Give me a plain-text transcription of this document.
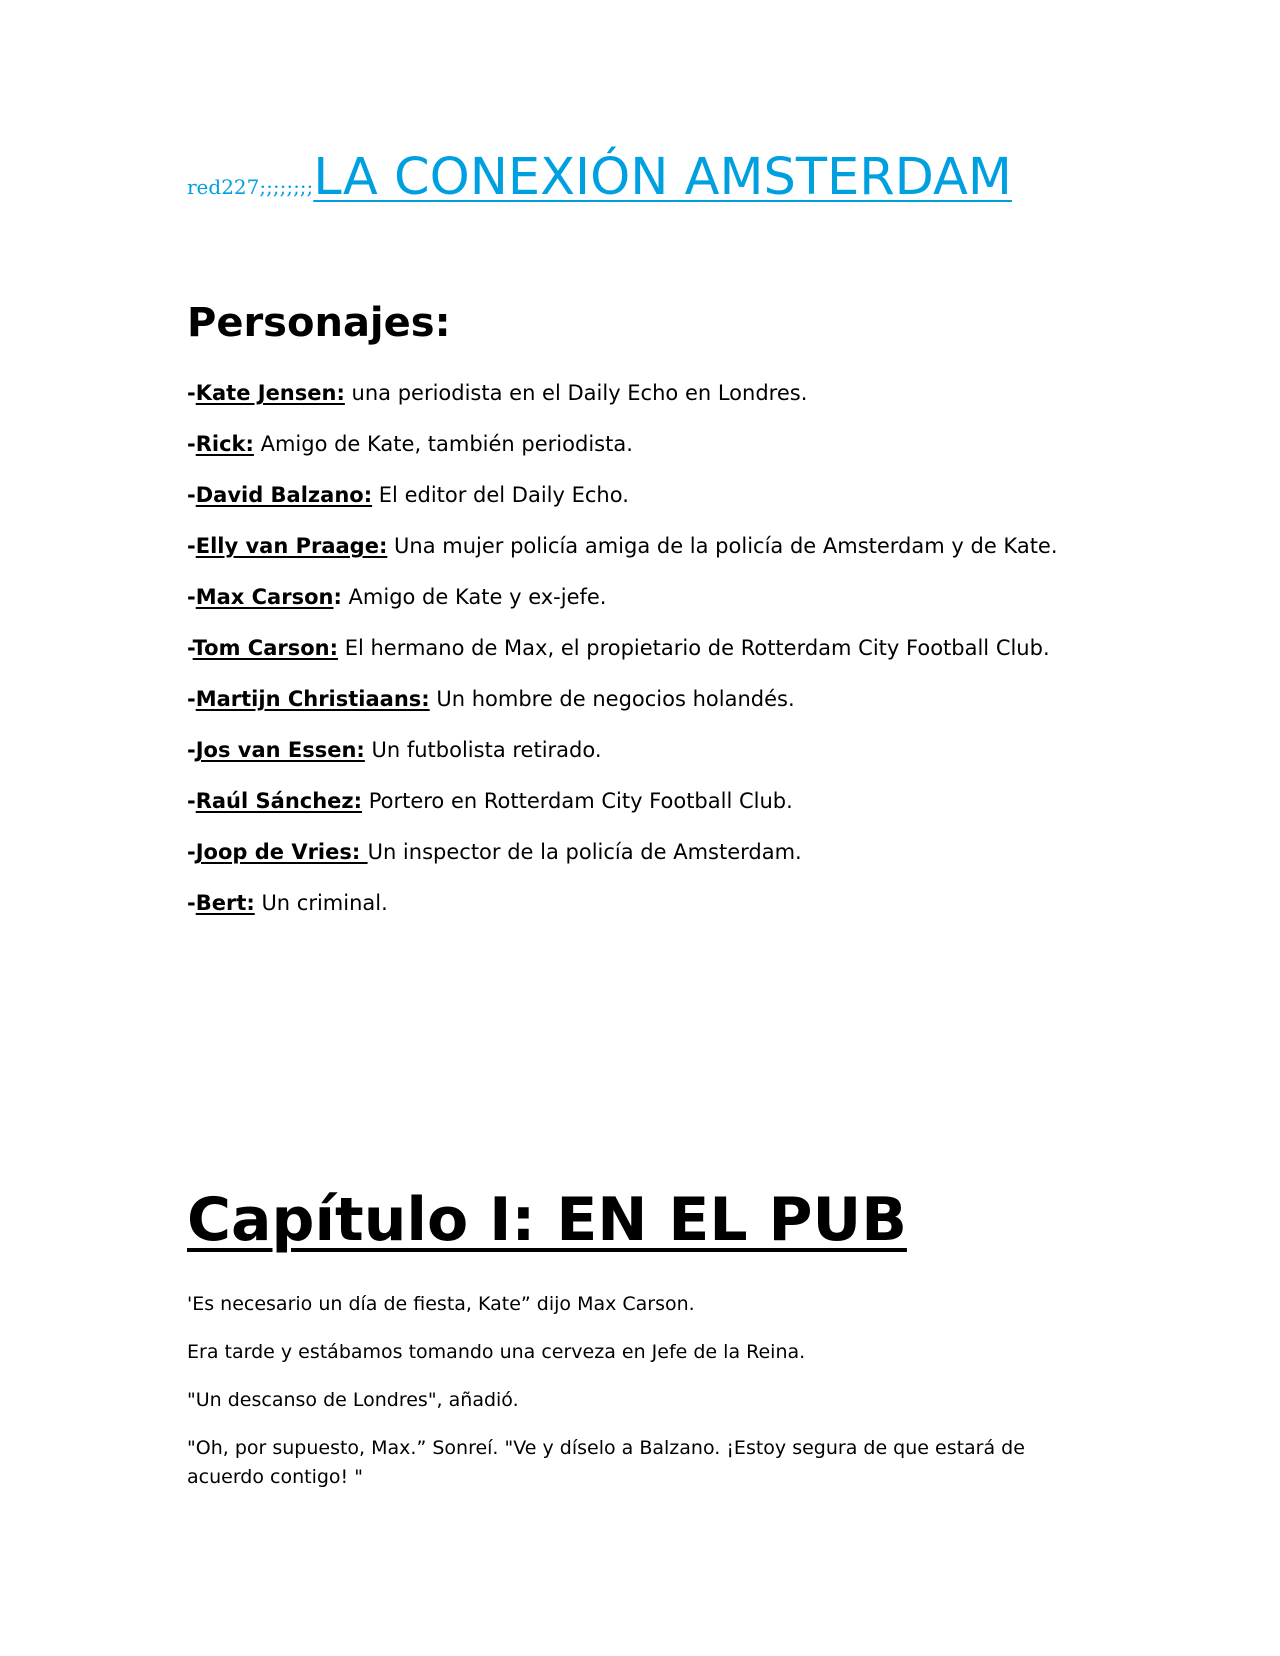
red227;;;;;;;;LA CONEXIÓN AMSTERDAM
Personajes:
-Kate Jensen: una periodista en el Daily Echo en Londres.
-Rick: Amigo de Kate, también periodista.
-David Balzano: El editor del Daily Echo.
-Elly van Praage: Una mujer policía amiga de la policía de Amsterdam y de Kate.
-Max Carson: Amigo de Kate y ex-jefe.
-Tom Carson: El hermano de Max, el propietario de Rotterdam City Football Club.
-Martijn Christiaans: Un hombre de negocios holandés.
-Jos van Essen: Un futbolista retirado.
-Raúl Sánchez: Portero en Rotterdam City Football Club.
-Joop de Vries: Un inspector de la policía de Amsterdam.
-Bert: Un criminal.
Capítulo I: EN EL PUB

'Es necesario un día de fiesta, Kate” dijo Max Carson.

Era tarde y estábamos tomando una cerveza en Jefe de la Reina.

"Un descanso de Londres", añadió.

"Oh, por supuesto, Max.” Sonreí. "Ve y díselo a Balzano. ¡Estoy segura de que estará de acuerdo contigo! "
